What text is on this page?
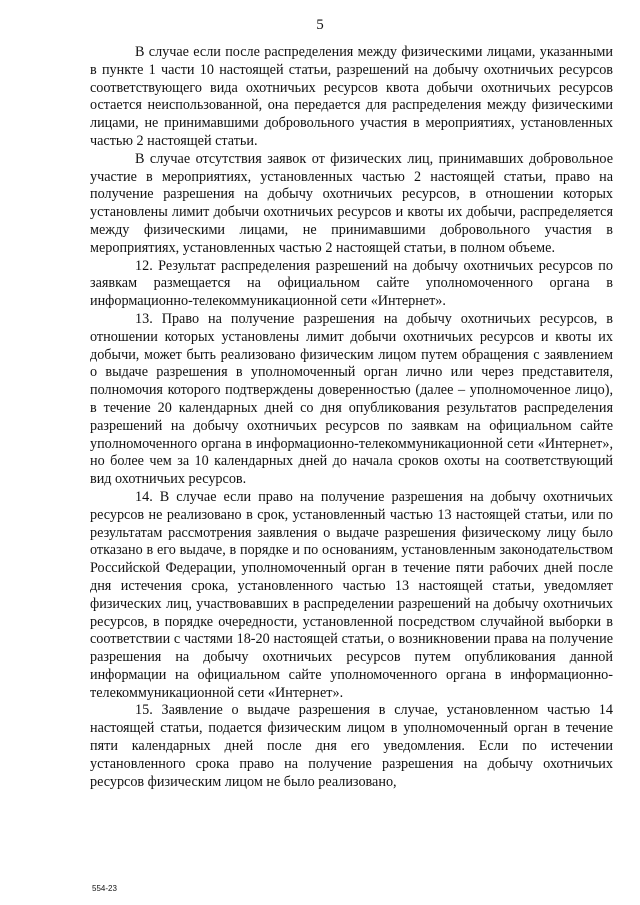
5

В случае если после распределения между физическими лицами, указанными в пункте 1 части 10 настоящей статьи, разрешений на добычу охотничьих ресурсов соответствующего вида охотничьих ресурсов квота добычи охотничьих ресурсов остается неиспользованной, она передается для распределения между физическими лицами, не принимавшими добровольного участия в мероприятиях, установленных частью 2 настоящей статьи.

В случае отсутствия заявок от физических лиц, принимавших добровольное участие в мероприятиях, установленных частью 2 настоящей статьи, право на получение разрешения на добычу охотничьих ресурсов, в отношении которых установлены лимит добычи охотничьих ресурсов и квоты их добычи, распределяется между физическими лицами, не принимавшими добровольного участия в мероприятиях, установленных частью 2 настоящей статьи, в полном объеме.

12. Результат распределения разрешений на добычу охотничьих ресурсов по заявкам размещается на официальном сайте уполномоченного органа в информационно-телекоммуникационной сети «Интернет».

13. Право на получение разрешения на добычу охотничьих ресурсов, в отношении которых установлены лимит добычи охотничьих ресурсов и квоты их добычи, может быть реализовано физическим лицом путем обращения с заявлением о выдаче разрешения в уполномоченный орган лично или через представителя, полномочия которого подтверждены доверенностью (далее – уполномоченное лицо), в течение 20 календарных дней со дня опубликования результатов распределения разрешений на добычу охотничьих ресурсов по заявкам на официальном сайте уполномоченного органа в информационно-телекоммуникационной сети «Интернет», но более чем за 10 календарных дней до начала сроков охоты на соответствующий вид охотничьих ресурсов.

14. В случае если право на получение разрешения на добычу охотничьих ресурсов не реализовано в срок, установленный частью 13 настоящей статьи, или по результатам рассмотрения заявления о выдаче разрешения физическому лицу было отказано в его выдаче, в порядке и по основаниям, установленным законодательством Российской Федерации, уполномоченный орган в течение пяти рабочих дней после дня истечения срока, установленного частью 13 настоящей статьи, уведомляет физических лиц, участвовавших в распределении разрешений на добычу охотничьих ресурсов, в порядке очередности, установленной посредством случайной выборки в соответствии с частями 18-20 настоящей статьи, о возникновении права на получение разрешения на добычу охотничьих ресурсов путем опубликования данной информации на официальном сайте уполномоченного органа в информационно-телекоммуникационной сети «Интернет».

15. Заявление о выдаче разрешения в случае, установленном частью 14 настоящей статьи, подается физическим лицом в уполномоченный орган в течение пяти календарных дней после дня его уведомления. Если по истечении установленного срока право на получение разрешения на добычу охотничьих ресурсов физическим лицом не было реализовано,

554-23
